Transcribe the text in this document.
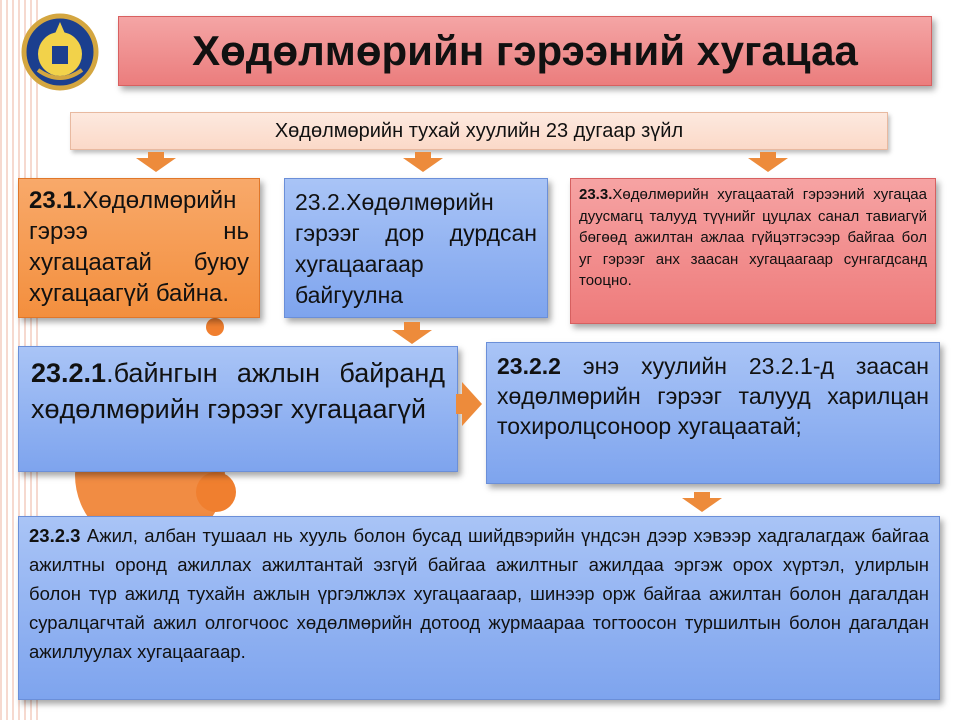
Хөдөлмөрийн гэрээний хугацаа
Хөдөлмөрийн тухай хуулийн 23 дугаар зүйл
23.1.Хөдөлмөрийн гэрээ нь хугацаатай буюу хугацаагүй байна.
23.2.Хөдөлмөрийн гэрээг дор дурдсан хугацаагаар байгуулна
23.3.Хөдөлмөрийн хугацаатай гэрээний хугацаа дуусмагц талууд түүнийг цуцлах санал тавиагүй бөгөөд ажилтан ажлаа гүйцэтгэсээр байгаа бол уг гэрээг анх заасан хугацаагаар сунгагдсанд тооцно.
23.2.1.байнгын ажлын байранд хөдөлмөрийн гэрээг хугацаагүй
23.2.2 энэ хуулийн 23.2.1-д заасан хөдөлмөрийн гэрээг талууд харилцан тохиролцсоноор хугацаатай;
23.2.3 Ажил, албан тушаал нь хууль болон бусад шийдвэрийн үндсэн дээр хэвээр хадгалагдаж байгаа ажилтны оронд ажиллах ажилтантай эзгүй байгаа ажилтныг ажилдаа эргэж орох хүртэл, улирлын болон түр ажилд тухайн ажлын үргэлжлэх хугацаагаар, шинээр орж байгаа ажилтан болон дагалдан суралцагчтай ажил олгогчоос хөдөлмөрийн дотоод журмаараа тогтоосон туршилтын болон дагалдан ажиллуулах хугацаагаар.
